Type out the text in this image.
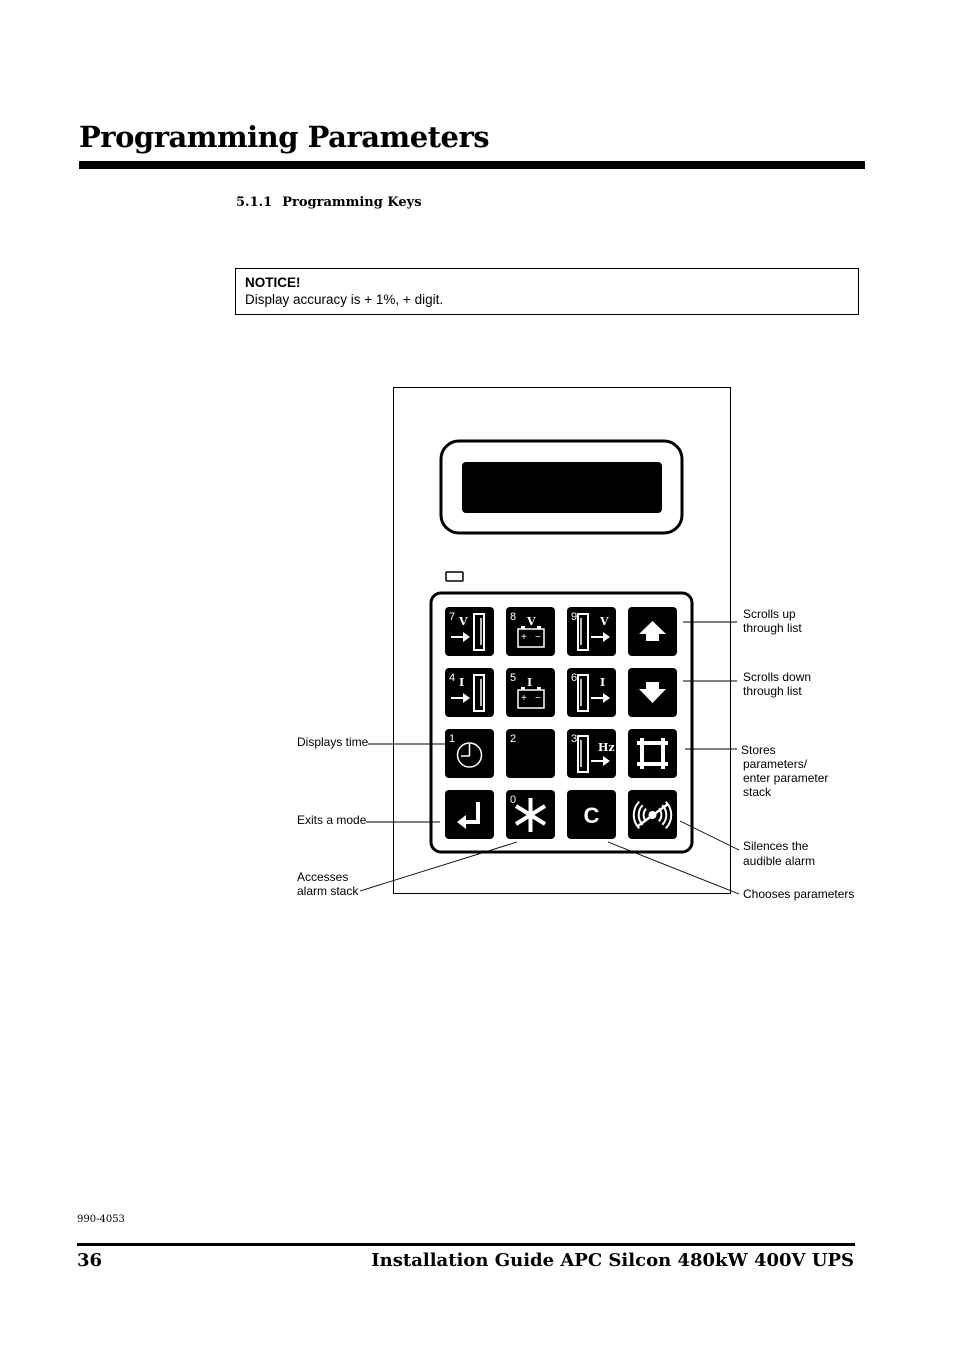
Programming Parameters
5.1.1 Programming Keys
NOTICE!
Display accuracy is + 1%, + digit.
V
7	V
+ −
8	V
9
I
4	I
+ −
5	I
6
1	2
Hz
3
0
C
Scrolls up through list
Scrolls down through list
Stores parameters/ enter parameter stack
Silences the audible alarm
Chooses parameters
Displays time
Exits a mode
Accesses alarm stack
990-4053
36	Installation Guide APC Silcon 480kW 400V UPS
